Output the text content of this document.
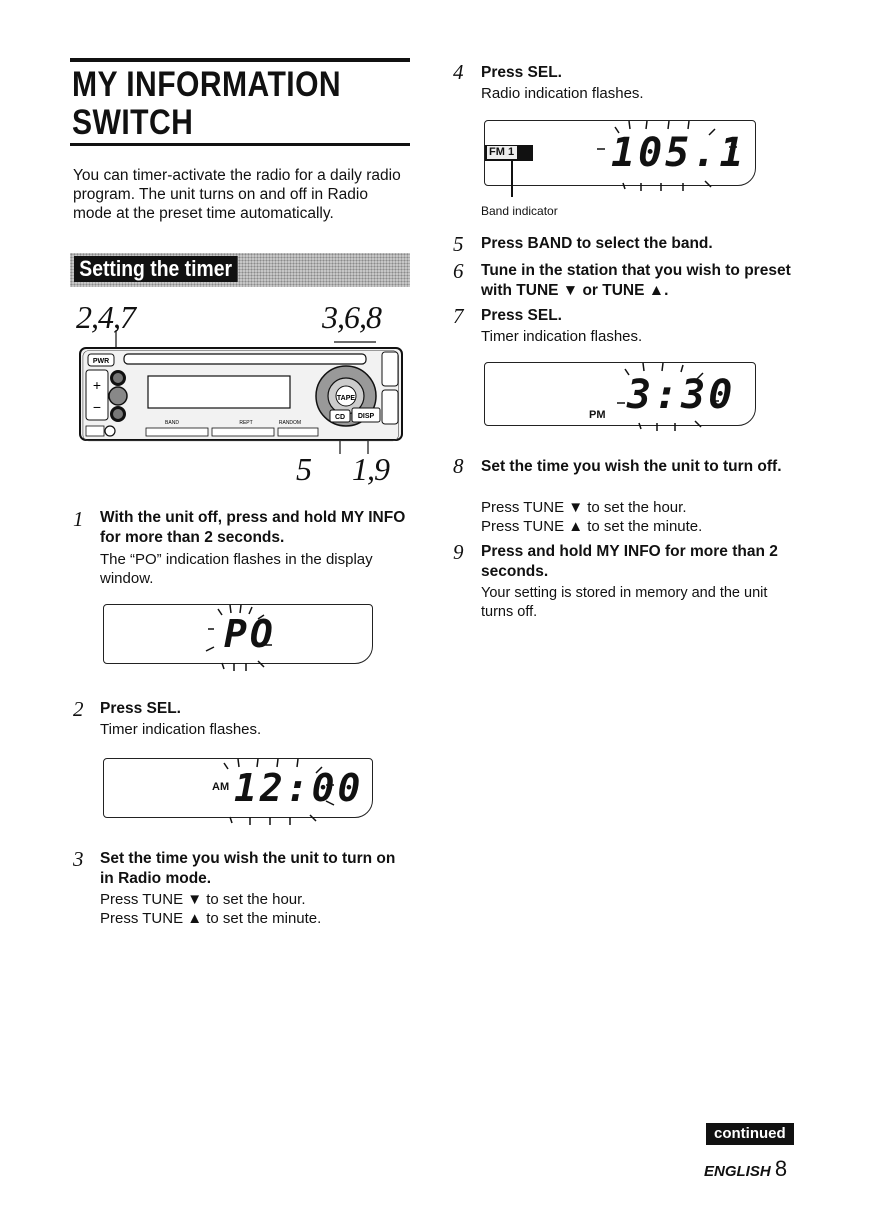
MY INFORMATION
SWITCH
You can timer-activate the radio for a daily radio program. The unit turns on and off in Radio mode at the preset time automatically.
Setting the timer
2,4,7	3,6,8
5 1,9
PWR
+
−
TAPE
CD DISP
BAND	REPT	RANDOM
1 With the unit off, press and hold MY INFO for more than 2 seconds.
The “PO” indication flashes in the display window.
PO
2 Press SEL.
Timer indication flashes.
AM 12:00
3 Set the time you wish the unit to turn on in Radio mode.
Press TUNE ▼ to set the hour.
Press TUNE ▲ to set the minute.
4 Press SEL.
Radio indication flashes.
FM 1 105.1
Band indicator
5 Press BAND to select the band.
6 Tune in the station that you wish to preset with TUNE ▼ or TUNE ▲.
7 Press SEL.
Timer indication flashes.
PM 3:30
8 Set the time you wish the unit to turn off.
Press TUNE ▼ to set the hour.
Press TUNE ▲ to set the minute.
9 Press and hold MY INFO for more than 2 seconds.
Your setting is stored in memory and the unit turns off.
continued
ENGLISH 8
